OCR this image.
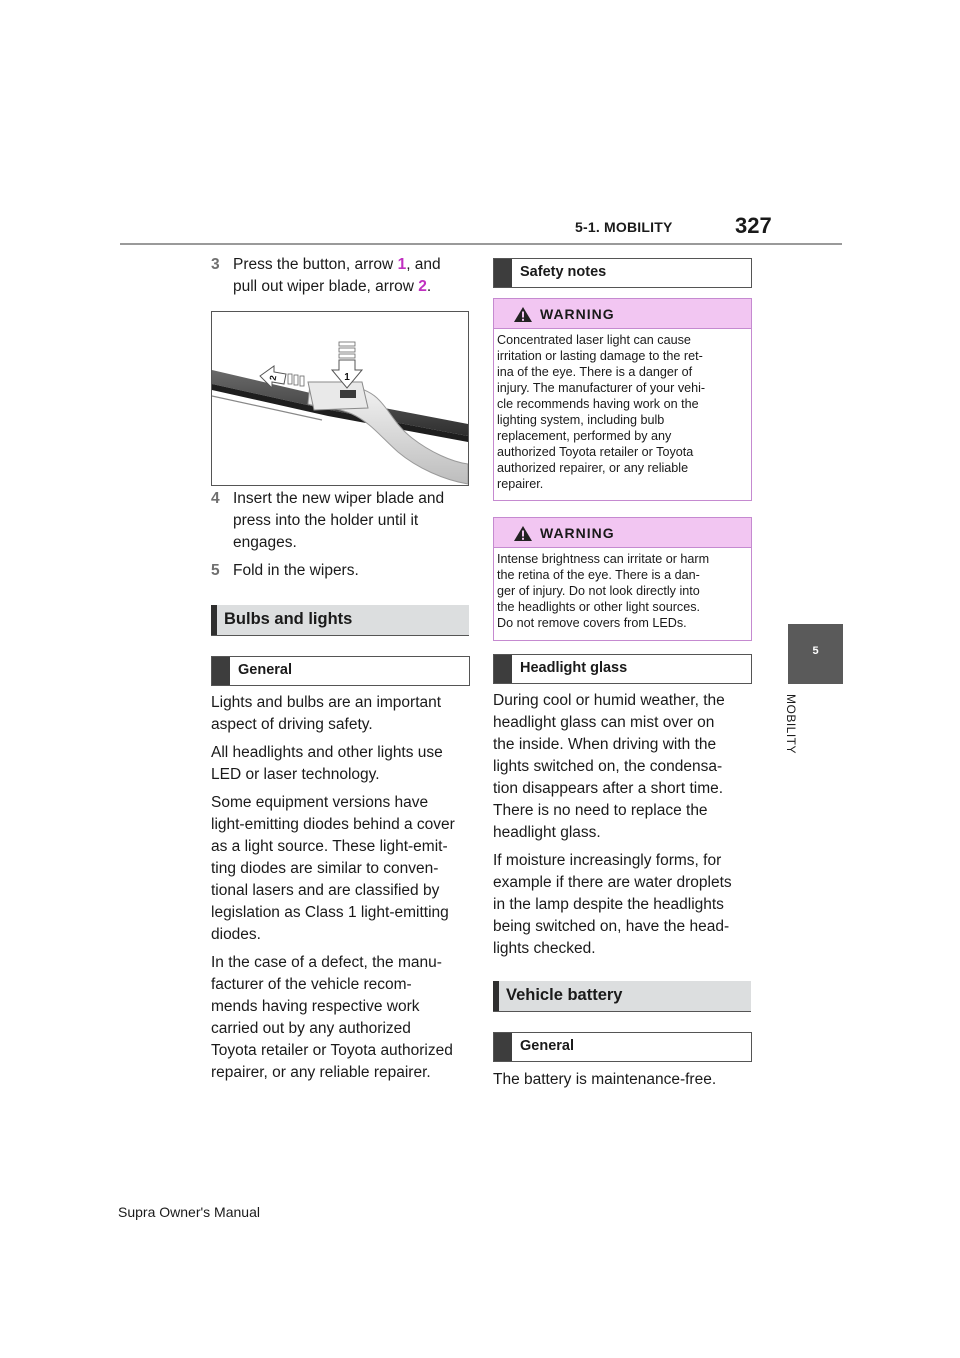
5-1. MOBILITY	327
5
MOBILITY
Supra Owner's Manual
3 Press the button, arrow 1, and
pull out wiper blade, arrow 2.
1
2
4 Insert the new wiper blade and
press into the holder until it
engages.
5 Fold in the wipers.
Bulbs and lights
General

Lights and bulbs are an important
aspect of driving safety.

All headlights and other lights use
LED or laser technology.

Some equipment versions have
light-emitting diodes behind a cover
as a light source. These light-emit-
ting diodes are similar to conven-
tional lasers and are classified by
legislation as Class 1 light-emitting
diodes.

In the case of a defect, the manu-
facturer of the vehicle recom-
mends having respective work
carried out by any authorized
Toyota retailer or Toyota authorized
repairer, or any reliable repairer.

Safety notes
WARNING
Concentrated laser light can cause
irritation or lasting damage to the ret-
ina of the eye. There is a danger of
injury. The manufacturer of your vehi-
cle recommends having work on the
lighting system, including bulb
replacement, performed by any
authorized Toyota retailer or Toyota
authorized repairer, or any reliable
repairer.
WARNING
Intense brightness can irritate or harm
the retina of the eye. There is a dan-
ger of injury. Do not look directly into
the headlights or other light sources.
Do not remove covers from LEDs.
Headlight glass

During cool or humid weather, the
headlight glass can mist over on
the inside. When driving with the
lights switched on, the condensa-
tion disappears after a short time.
There is no need to replace the
headlight glass.

If moisture increasingly forms, for
example if there are water droplets
in the lamp despite the headlights
being switched on, have the head-
lights checked.

Vehicle battery
General
The battery is maintenance-free.
